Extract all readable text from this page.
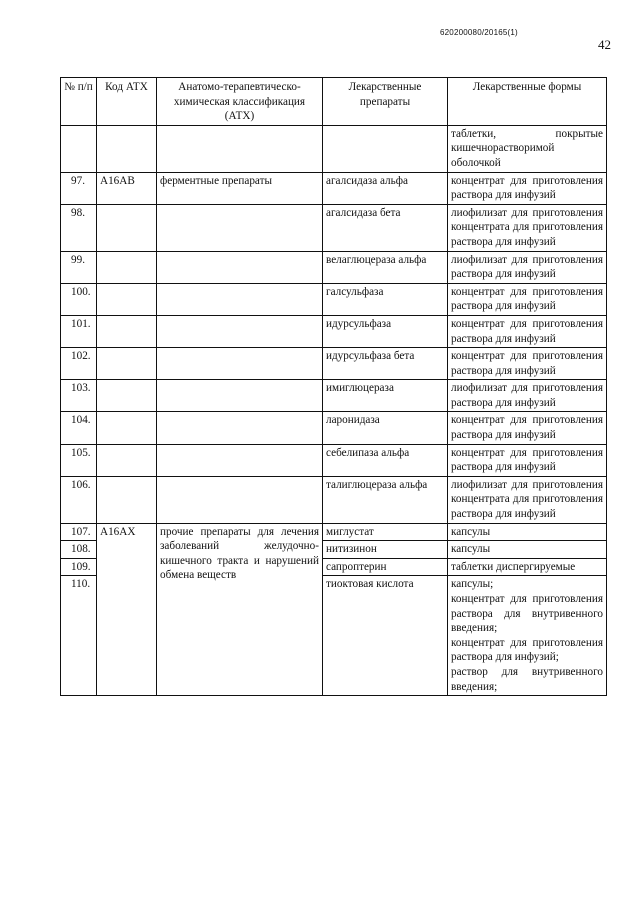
620200080/20165(1)
42
№ п/п	Код АТХ	Анатомо-терапевтическо-химическая классификация (АТХ)	Лекарственные препараты	Лекарственные формы
				таблетки, покрытые кишечнорастворимой оболочкой
97.	A16AB	ферментные препараты	агалсидаза альфа	концентрат для приготовления раствора для инфузий
98.			агалсидаза бета	лиофилизат для приготовления концентрата для приготовления раствора для инфузий
99.			велаглюцераза альфа	лиофилизат для приготовления раствора для инфузий
100.			галсульфаза	концентрат для приготовления раствора для инфузий
101.			идурсульфаза	концентрат для приготовления раствора для инфузий
102.			идурсульфаза бета	концентрат для приготовления раствора для инфузий
103.			имиглюцераза	лиофилизат для приготовления раствора для инфузий
104.			ларонидаза	концентрат для приготовления раствора для инфузий
105.			себелипаза альфа	концентрат для приготовления раствора для инфузий
106.			талиглюцераза альфа	лиофилизат для приготовления концентрата для приготовления раствора для инфузий
107.	A16AX	прочие препараты для лечения заболеваний желудочно-кишечного тракта и нарушений обмена веществ	миглустат	капсулы
108.			нитизинон	капсулы
109.			сапроптерин	таблетки диспергируемые
110.			тиоктовая кислота	капсулы;
концентрат для приготовления раствора для внутривенного введения;
концентрат для приготовления раствора для инфузий;
раствор для внутривенного введения;
